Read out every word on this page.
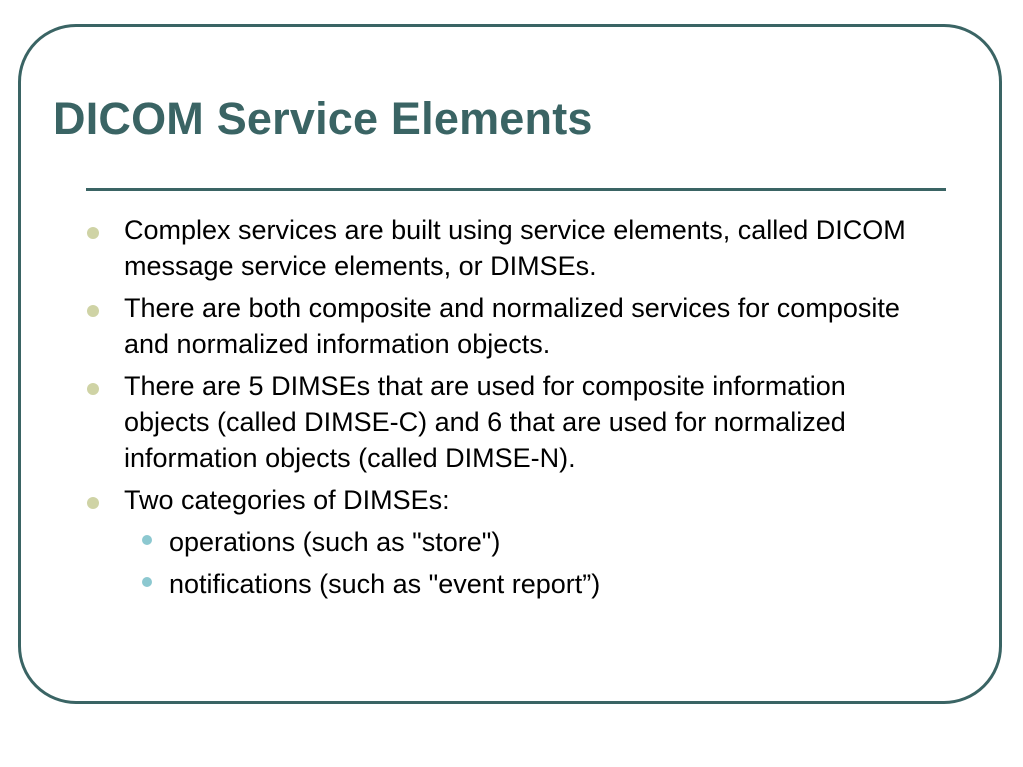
DICOM Service Elements
Complex services are built using service elements, called DICOM message service elements, or DIMSEs.
There are both composite and normalized services for composite and normalized information objects.
There are 5 DIMSEs that are used for composite information objects (called DIMSE-C) and 6 that are used for normalized information objects (called DIMSE-N).
Two categories of DIMSEs:
operations (such as "store")
notifications (such as "event report”)
